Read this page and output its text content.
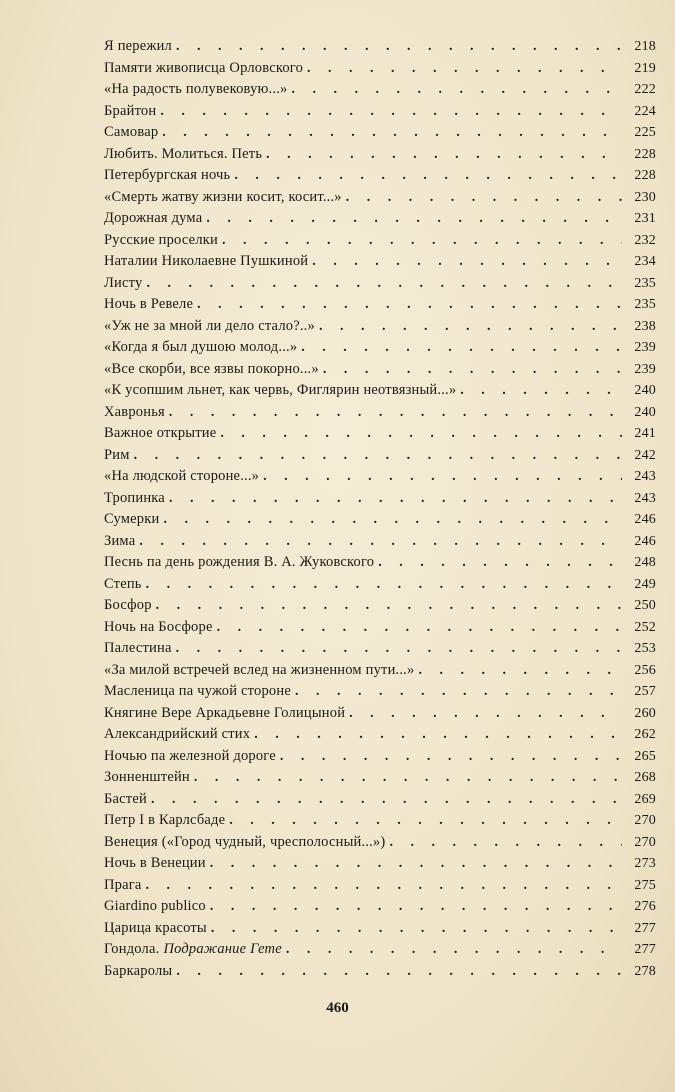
Я пережил . . .	218
Памяти живописца Орловского . . .	219
«На радость полувековую...» . . .	222
Брайтон . . .	224
Самовар . . .	225
Любить. Молиться. Петь . . .	228
Петербургская ночь . . .	228
«Смерть жатву жизни косит, косит...» . . .	230
Дорожная дума . . .	231
Русские проселки . . .	232
Наталии Николаевне Пушкиной . . .	234
Листу . . .	235
Ночь в Ревеле . . .	235
«Уж не за мной ли дело стало?..» . . .	238
«Когда я был душою молод...» . . .	239
«Все скорби, все язвы покорно...» . . .	239
«К усопшим льнет, как червь, Фиглярин неотвязный...» . . .	240
Хавронья . . .	240
Важное открытие . . .	241
Рим . . .	242
«На людской стороне...» . . .	243
Тропинка . . .	243
Сумерки . . .	246
Зима . . .	246
Песнь па день рождения В. А. Жуковского . . .	248
Степь . . .	249
Босфор . . .	250
Ночь на Босфоре . . .	252
Палестина . . .	253
«За милой встречей вслед на жизненном пути...» . . .	256
Масленица па чужой стороне . . .	257
Княгине Вере Аркадьевне Голицыной . . .	260
Александрийский стих . . .	262
Ночью па железной дороге . . .	265
Зонненштейн . . .	268
Бастей . . .	269
Петр I в Карлсбаде . . .	270
Венеция («Город чудный, чресполосный...») . . .	270
Ночь в Венеции . . .	273
Прага . . .	275
Giardino publico . . .	276
Царица красоты . . .	277
Гондола. Подражание Гете . . .	277
Баркаролы . . .	278
460
